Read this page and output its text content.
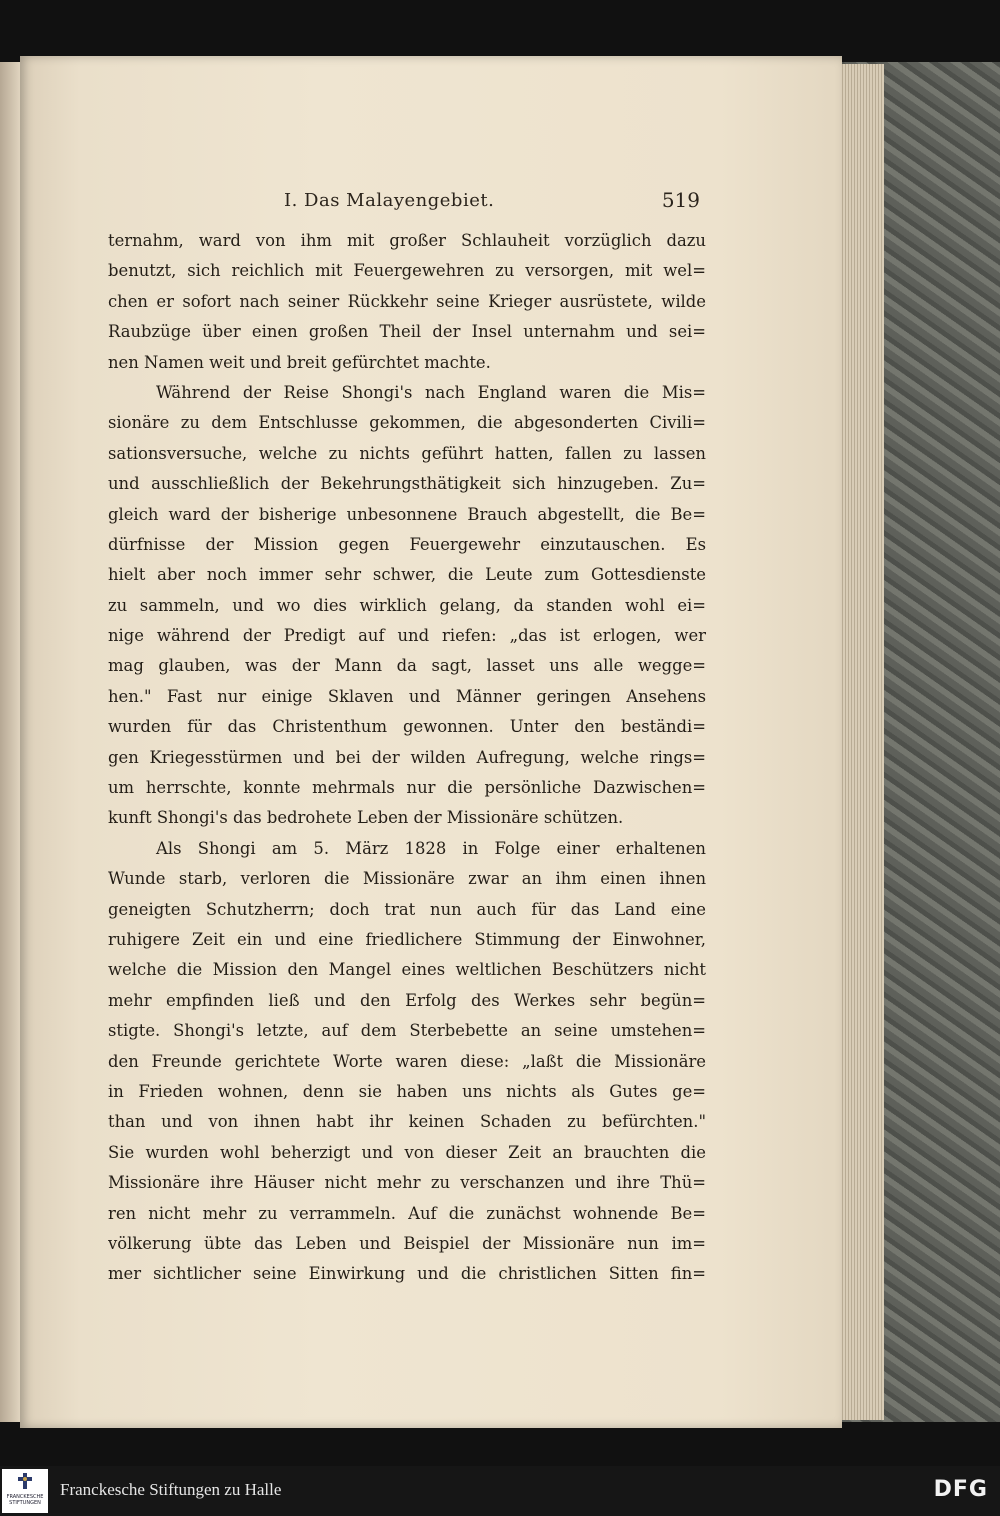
I. Das Malayengebiet.	519
ternahm, ward von ihm mit großer Schlauheit vorzüglich dazu
benutzt, sich reichlich mit Feuergewehren zu versorgen, mit wel=
chen er sofort nach seiner Rückkehr seine Krieger ausrüstete, wilde
Raubzüge über einen großen Theil der Insel unternahm und sei=
nen Namen weit und breit gefürchtet machte.
Während der Reise Shongi's nach England waren die Mis=
sionäre zu dem Entschlusse gekommen, die abgesonderten Civili=
sationsversuche, welche zu nichts geführt hatten, fallen zu lassen
und ausschließlich der Bekehrungsthätigkeit sich hinzugeben. Zu=
gleich ward der bisherige unbesonnene Brauch abgestellt, die Be=
dürfnisse der Mission gegen Feuergewehr einzutauschen. Es
hielt aber noch immer sehr schwer, die Leute zum Gottesdienste
zu sammeln, und wo dies wirklich gelang, da standen wohl ei=
nige während der Predigt auf und riefen: „das ist erlogen, wer
mag glauben, was der Mann da sagt, lasset uns alle wegge=
hen." Fast nur einige Sklaven und Männer geringen Ansehens
wurden für das Christenthum gewonnen. Unter den beständi=
gen Kriegesstürmen und bei der wilden Aufregung, welche rings=
um herrschte, konnte mehrmals nur die persönliche Dazwischen=
kunft Shongi's das bedrohete Leben der Missionäre schützen.
Als Shongi am 5. März 1828 in Folge einer erhaltenen
Wunde starb, verloren die Missionäre zwar an ihm einen ihnen
geneigten Schutzherrn; doch trat nun auch für das Land eine
ruhigere Zeit ein und eine friedlichere Stimmung der Einwohner,
welche die Mission den Mangel eines weltlichen Beschützers nicht
mehr empfinden ließ und den Erfolg des Werkes sehr begün=
stigte. Shongi's letzte, auf dem Sterbebette an seine umstehen=
den Freunde gerichtete Worte waren diese: „laßt die Missionäre
in Frieden wohnen, denn sie haben uns nichts als Gutes ge=
than und von ihnen habt ihr keinen Schaden zu befürchten."
Sie wurden wohl beherzigt und von dieser Zeit an brauchten die
Missionäre ihre Häuser nicht mehr zu verschanzen und ihre Thü=
ren nicht mehr zu verrammeln. Auf die zunächst wohnende Be=
völkerung übte das Leben und Beispiel der Missionäre nun im=
mer sichtlicher seine Einwirkung und die christlichen Sitten fin=
FRANCKESCHE
STIFTUNGEN
Franckesche Stiftungen zu Halle	DFG
